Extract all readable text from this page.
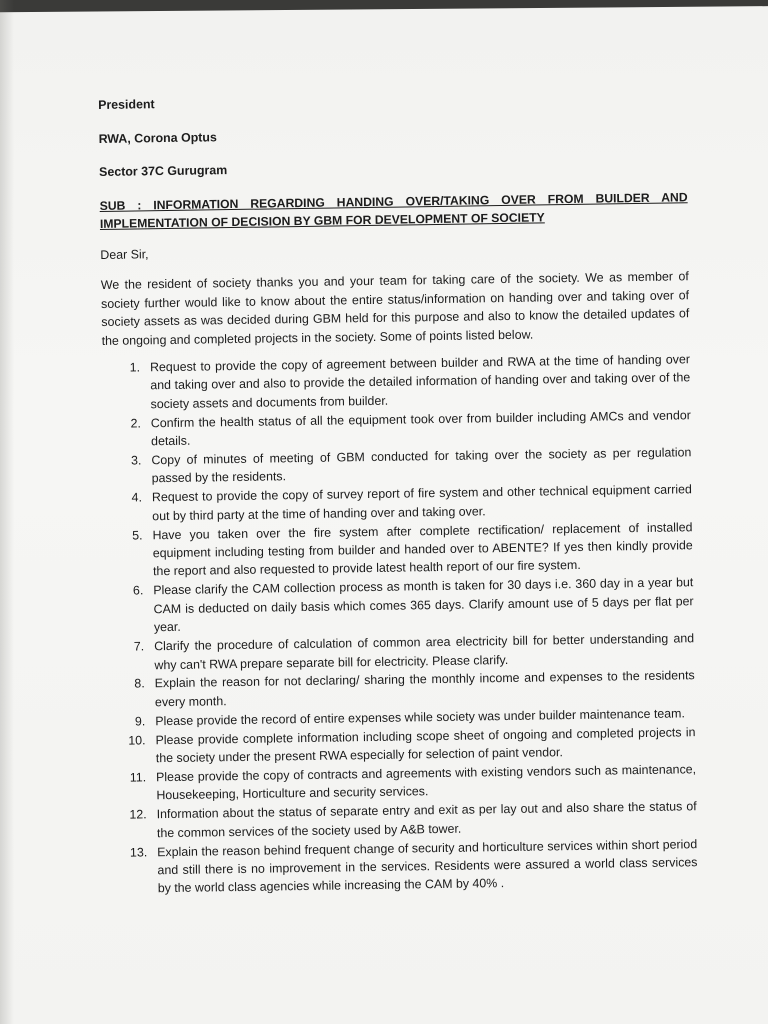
President
RWA, Corona Optus
Sector 37C Gurugram
SUB : INFORMATION REGARDING HANDING OVER/TAKING OVER FROM BUILDER AND IMPLEMENTATION OF DECISION BY GBM FOR DEVELOPMENT OF SOCIETY
Dear Sir,

We the resident of society thanks you and your team for taking care of the society. We as member of society further would like to know about the entire status/information on handing over and taking over of society assets as was decided during GBM held for this purpose and also to know the detailed updates of the ongoing and completed projects in the society. Some of points listed below.

1. Request to provide the copy of agreement between builder and RWA at the time of handing over and taking over and also to provide the detailed information of handing over and taking over of the society assets and documents from builder.
2. Confirm the health status of all the equipment took over from builder including AMCs and vendor details.
3. Copy of minutes of meeting of GBM conducted for taking over the society as per regulation passed by the residents.
4. Request to provide the copy of survey report of fire system and other technical equipment carried out by third party at the time of handing over and taking over.
5. Have you taken over the fire system after complete rectification/ replacement of installed equipment including testing from builder and handed over to ABENTE? If yes then kindly provide the report and also requested to provide latest health report of our fire system.
6. Please clarify the CAM collection process as month is taken for 30 days i.e. 360 day in a year but CAM is deducted on daily basis which comes 365 days. Clarify amount use of 5 days per flat per year.
7. Clarify the procedure of calculation of common area electricity bill for better understanding and why can't RWA prepare separate bill for electricity. Please clarify.
8. Explain the reason for not declaring/ sharing the monthly income and expenses to the residents every month.
9. Please provide the record of entire expenses while society was under builder maintenance team.
10. Please provide complete information including scope sheet of ongoing and completed projects in the society under the present RWA especially for selection of paint vendor.
11. Please provide the copy of contracts and agreements with existing vendors such as maintenance, Housekeeping, Horticulture and security services.
12. Information about the status of separate entry and exit as per lay out and also share the status of the common services of the society used by A&B tower.
13. Explain the reason behind frequent change of security and horticulture services within short period and still there is no improvement in the services. Residents were assured a world class services by the world class agencies while increasing the CAM by 40% .
